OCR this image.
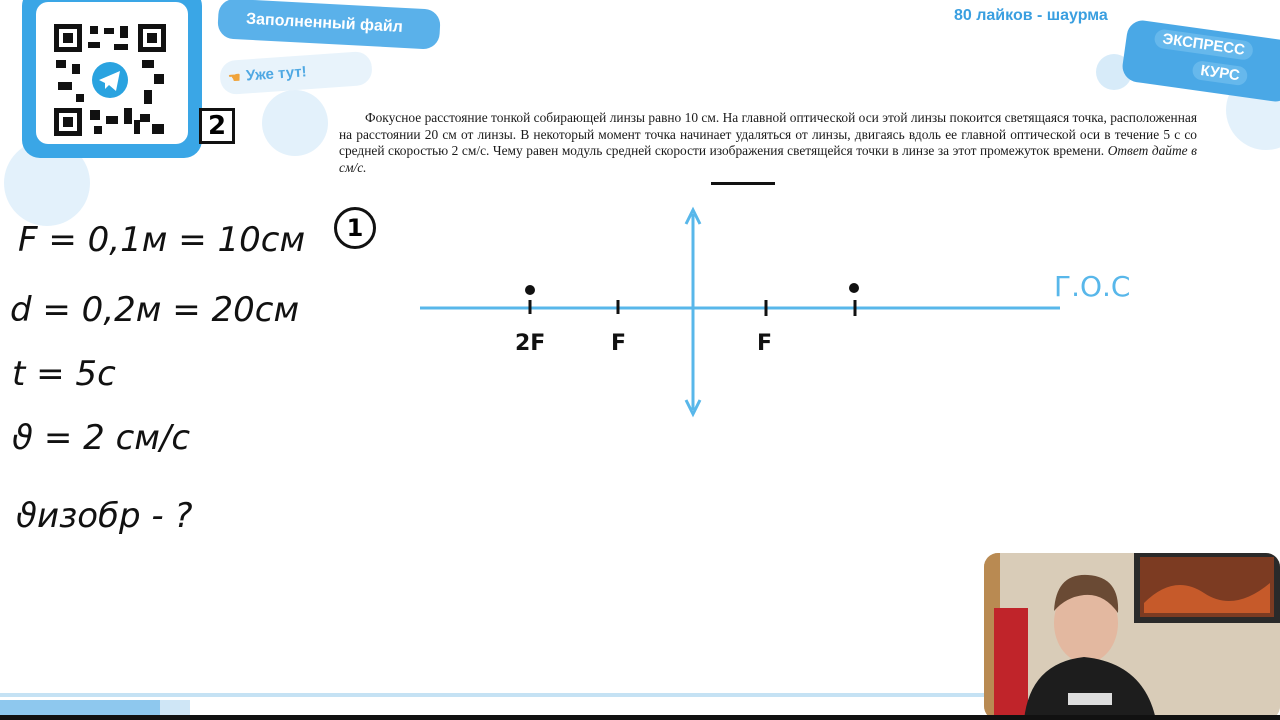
Заполненный файл
☚ Уже тут!
80 лайков - шаурма
ЭКСПРЕСС
КУРС
2	Фокусное расстояние тонкой собирающей линзы равно 10 см. На главной оптической оси этой линзы покоится светящаяся точка, расположенная на расстоянии 20 см от линзы. В некоторый момент точка начинает удаляться от линзы, двигаясь вдоль ее главной оптической оси в течение 5 с со средней скоростью 2 см/с. Чему равен модуль средней скорости изображения светящейся точки в линзе за этот промежуток времени. Ответ дайте в см/с.
F = 0,1м = 10см
d = 0,2м = 20см
t = 5c
ϑ = 2 см/с
ϑизобр - ?
1
2F	F	F
Г.О.С
